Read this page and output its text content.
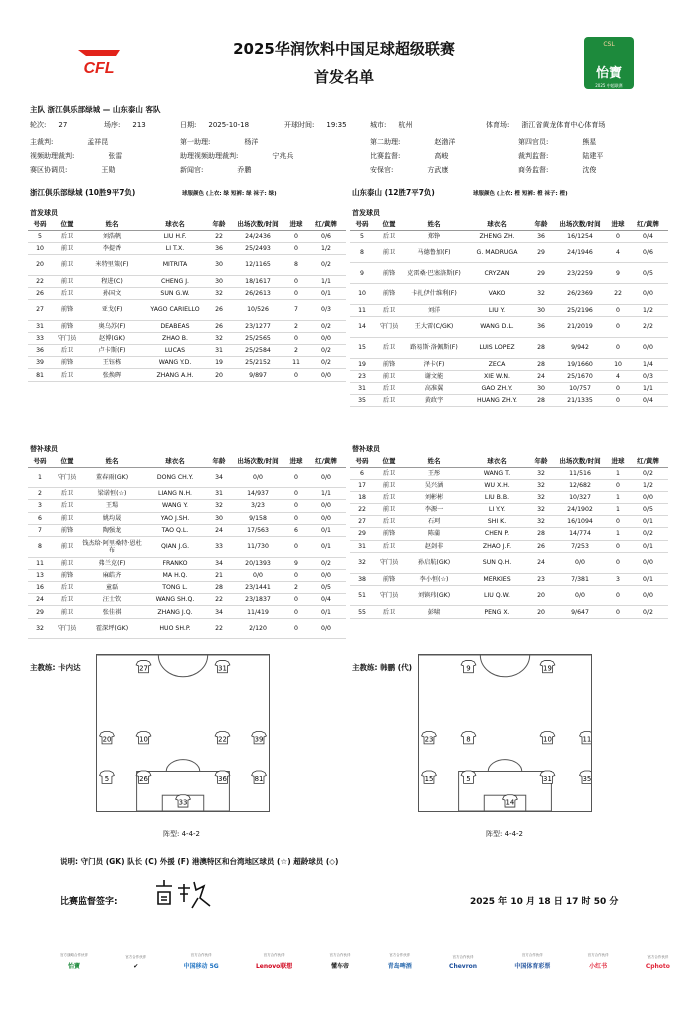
CFL
2025华润饮料中国足球超级联赛
首发名单
CSL
怡寶
2025 中超联赛
主队 浙江俱乐部绿城 — 山东泰山 客队
轮次: 27	场序: 213	日期: 2025-10-18	开球时间: 19:35	城市: 杭州	体育场: 浙江省黄龙体育中心体育场
主裁判:	孟祥昆	第一助理:	杨洋	第二助理:	赵渤洋	第四官员:	熊星
视频助理裁判:	张雷	助理视频助理裁判:	宁兆兵	比赛监督:	高峻	裁判监督:	陆建平
赛区协调员:	王勋	新闻官:	乔鹏	安保官:	方武康	商务监督:	沈俊
浙江俱乐部绿城 (10胜9平7负)	球服颜色 (上衣: 绿 短裤: 绿 袜子: 绿)	山东泰山 (12胜7平7负)	球服颜色 (上衣: 橙 短裤: 橙 袜子: 橙)
首发球员	首发球员
号码	位置	姓名	球衣名	年龄	出场次数/时间	进球	红/黄牌
5	后卫	刘浩帆	LIU H.F.	22	24/2436	0	0/6
10	前卫	李提香	LI T.X.	36	25/2493	0	1/2
20	前卫	米特里策(F)	MITRITA	30	12/1165	8	0/2
22	前卫	程进(C)	CHENG J.	30	18/1617	0	1/1
26	后卫	孙国文	SUN G.W.	32	26/2613	0	0/1
27	前锋	亚戈(F)	YAGO CARIELLO	26	10/526	7	0/3
31	前锋	奥乌苏(F)	DEABEAS	26	23/1277	2	0/2
33	守门员	赵博(GK)	ZHAO B.	32	25/2565	0	0/0
36	后卫	卢卡斯(F)	LUCAS	31	25/2584	2	0/2
39	前锋	王钰栋	WANG Y.D.	19	25/2152	11	0/2
81	后卫	张焕晖	ZHANG A.H.	20	9/897	0	0/0
号码	位置	姓名	球衣名	年龄	出场次数/时间	进球	红/黄牌
5	后卫	郑铮	ZHENG ZH.	36	16/1254	0	0/4
8	前卫	马德鲁加(F)	G. MADRUGA	29	24/1946	4	0/6
9	前锋	克雷桑·巴塞洛斯(F)	CRYZAN	29	23/2259	9	0/5
10	前锋	卡扎伊什维利(F)	VAKO	32	26/2369	22	0/0
11	后卫	刘洋	LIU Y.	30	25/2196	0	1/2
14	守门员	王大雷(C/GK)	WANG D.L.	36	21/2019	0	2/2
15	后卫	路易斯·洛佩斯(F)	LUIS LOPEZ	28	9/942	0	0/0
19	前锋	泽卡(F)	ZECA	28	19/1660	10	1/4
23	前卫	谢文能	XIE W.N.	24	25/1670	4	0/3
31	后卫	高准翼	GAO ZH.Y.	30	10/757	0	1/1
35	后卫	黄政宇	HUANG ZH.Y.	28	21/1335	0	0/4
替补球员	替补球员
号码	位置	姓名	球衣名	年龄	出场次数/时间	进球	红/黄牌
1	守门员	董春雨(GK)	DONG CH.Y.	34	0/0	0	0/0
2	后卫	梁诺恒(☆)	LIANG N.H.	31	14/937	0	1/1
3	后卫	王瑒	WANG Y.	32	3/23	0	0/0
6	前卫	姚均晟	YAO J.SH.	30	9/158	0	0/0
7	前锋	陶强龙	TAO Q.L.	24	17/563	6	0/1
8	前卫	钱杰给·阿里桑特·恩杜布	QIAN J.G.	33	11/730	0	0/1
11	前卫	弗兰克(F)	FRANKO	34	20/1393	9	0/2
13	前锋	麻皓齐	MA H.Q.	21	0/0	0	0/0
16	后卫	童磊	TONG L.	28	23/1441	2	0/5
24	后卫	汪士钦	WANG SH.Q.	22	23/1837	0	0/4
29	前卫	张佳祺	ZHANG J.Q.	34	11/419	0	0/1
32	守门员	霍深坪(GK)	HUO SH.P.	22	2/120	0	0/0
号码	位置	姓名	球衣名	年龄	出场次数/时间	进球	红/黄牌
6	后卫	王彤	WANG T.	32	11/516	1	0/2
17	前卫	吴兴涵	WU X.H.	32	12/682	0	1/2
18	后卫	刘彬彬	LIU B.B.	32	10/327	1	0/0
22	前卫	李源一	LI Y.Y.	32	24/1902	1	0/5
27	后卫	石珂	SHI K.	32	16/1094	0	0/1
29	前锋	陈蒲	CHEN P.	28	14/774	1	0/2
31	后卫	赵剑非	ZHAO J.F.	26	7/253	0	0/1
32	守门员	孙启航(GK)	SUN Q.H.	24	0/0	0	0/0
38	前锋	李小恒(☆)	MERKIES	23	7/381	3	0/1
51	守门员	刘镇玮(GK)	LIU Q.W.	20	0/0	0	0/0
55	后卫	彭啸	PENG X.	20	9/647	0	0/2
主教练: 卡内达	主教练: 韩鹏 (代)
27	31
20	10	22	39
26
5	36	81
33
9	19
23	8	10	11
15	5	31	35
14
阵型: 4-4-2	阵型: 4-4-2
说明: 守门员 (GK) 队长 (C) 外援 (F) 港澳特区和台湾地区球员 (☆) 超龄球员 (◇)
比赛监督签字:	2025 年 10 月 18 日 17 时 50 分
官方战略合作伙伴
怡寶
官方合作伙伴
✔
官方合作伙伴
中国移动 5G
官方合作伙伴
Lenovo联想
官方合作伙伴
懂车帝
官方合作伙伴
青岛啤酒
官方合作伙伴
Chevron
官方合作伙伴
中国体育彩票
官方合作伙伴
小红书
官方合作伙伴
Cphoto
